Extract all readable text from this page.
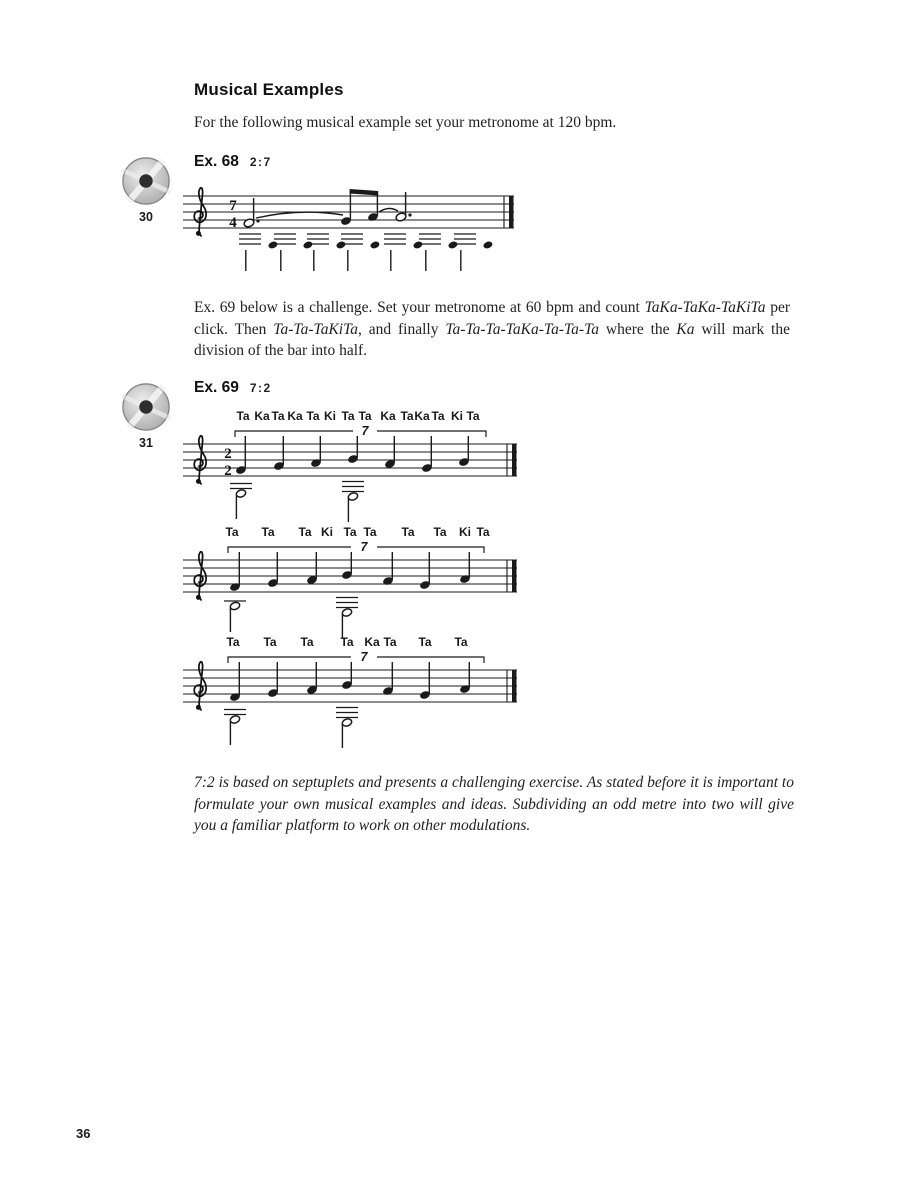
Musical Examples
For the following musical example set your metronome at 120 bpm.
Ex. 68 2:7
30
7
4
Ex. 69 below is a challenge. Set your metronome at 60 bpm and count TaKa-TaKa-TaKiTa per click. Then Ta-Ta-TaKiTa, and finally Ta-Ta-Ta-TaKa-Ta-Ta-Ta where the Ka will mark the division of the bar into half.
Ex. 69 7:2
31
Ta Ka Ta Ka Ta Ki Ta Ta Ka Ta Ka Ta Ki Ta
7
2
2
Ta Ta Ta Ki Ta Ta Ta Ta Ki Ta
7
Ta Ta Ta Ta Ka Ta Ta Ta
7
7:2 is based on septuplets and presents a challenging exercise. As stated before it is important to formulate your own musical examples and ideas. Subdividing an odd metre into two will give you a familiar platform to work on other modulations.
36
